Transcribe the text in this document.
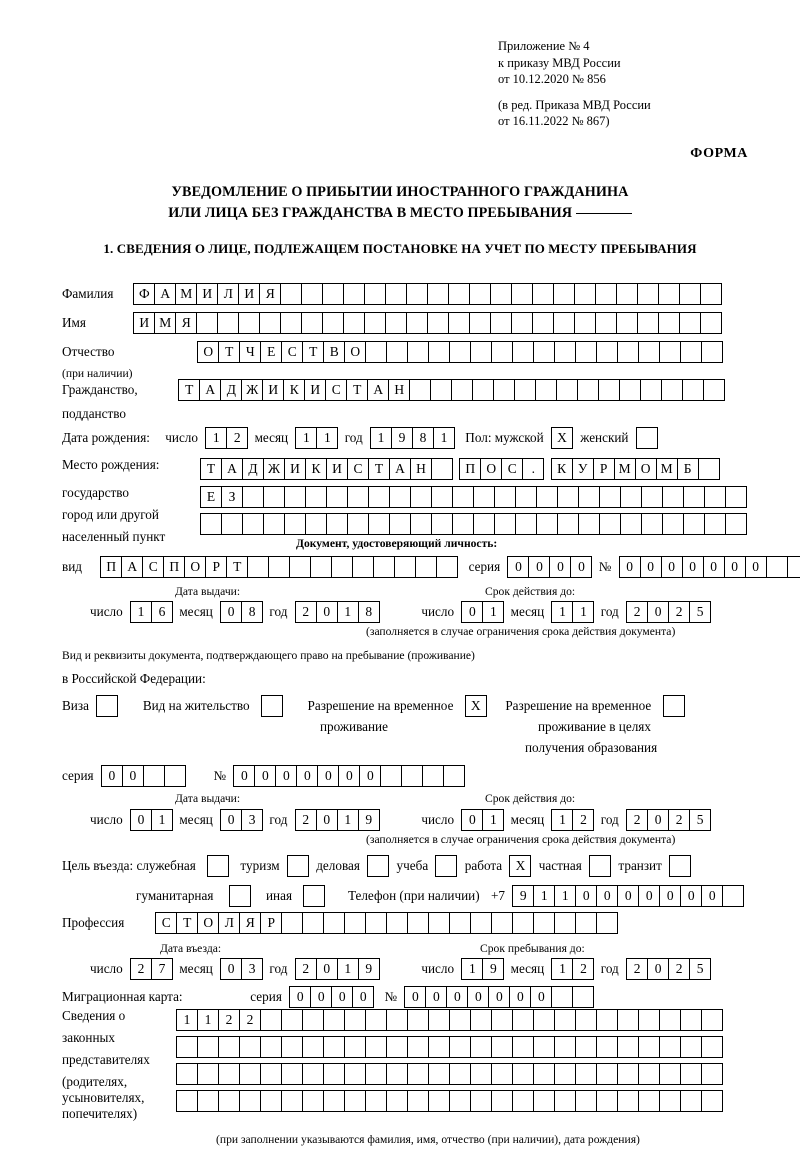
Приложение № 4
к приказу МВД России
от 10.12.2020 № 856
(в ред. Приказа МВД России
от 16.11.2022 № 867)
ФОРМА
УВЕДОМЛЕНИЕ О ПРИБЫТИИ ИНОСТРАННОГО ГРАЖДАНИНА
ИЛИ ЛИЦА БЕЗ ГРАЖДАНСТВА В МЕСТО ПРЕБЫВАНИЯ
1. СВЕДЕНИЯ О ЛИЦЕ, ПОДЛЕЖАЩЕМ ПОСТАНОВКЕ НА УЧЕТ ПО МЕСТУ ПРЕБЫВАНИЯ
Фамилия	Ф А М И Л И Я
Имя	И М Я
Отчество	О Т Ч Е С Т В О
(при наличии)
Гражданство,	Т А Д Ж И К И С Т А Н
подданство
Дата рождения: число	1	2	месяц	1	1	год	1	9	8	1	Пол: мужской X	женский
Место рождения:	Т А Д Ж И К И С Т А Н
	П О С	.
	К У Р М О М Б
государство	Е З
город или другой
населенный пункт	Документ, удостоверяющий личность:
вид	П А С П О Р Т	серия	0	0	0	0	№	0	0	0	0	0	0	0
Дата выдачи:	Срок действия до:
число	1	6	месяц	0	8	год	2	0	1	8	число	0	1	месяц	1	1	год	2	0	2	5
(заполняется в случае ограничения срока действия документа)
Вид и реквизиты документа, подтверждающего право на пребывание (проживание)
в Российской Федерации:
Виза	Вид на жительство	Разрешение на временное	X	Разрешение на временное
проживание	проживание в целях
получения образования
серия	0	0	№	0	0	0	0	0	0	0
Дата выдачи:	Срок действия до:
число	0	1	месяц	0	3	год	2	0	1	9	число	0	1	месяц	1	2	год	2	0	2	5
(заполняется в случае ограничения срока действия документа)
Цель въезда: служебная	туризм	деловая	учеба	работа X	частная	транзит
гуманитарная	иная	Телефон (при наличии) +7	9	1	1	0	0	0	0	0	0	0
Профессия	С Т О Л Я Р
Дата въезда:	Срок пребывания до:
число	2	7	месяц	0	3	год	2	0	1	9	число	1	9	месяц	1	2	год	2	0	2	5
Миграционная карта:	серия	0	0	0	0	№	0	0	0	0	0	0	0
Сведения о
законных
представителях
(родителях,
усыновителях,
попечителях)
1	1	2	2
(при заполнении указываются фамилия, имя, отчество (при наличии), дата рождения)
